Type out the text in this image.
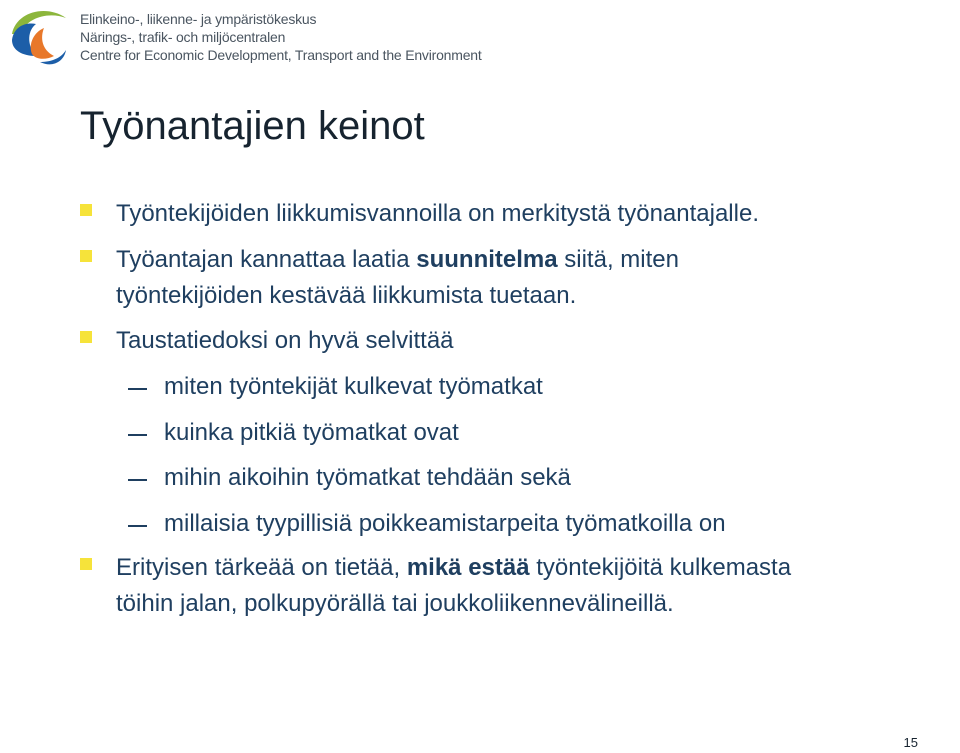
Elinkeino-, liikenne- ja ympäristökeskus
Närings-, trafik- och miljöcentralen
Centre for Economic Development, Transport and the Environment
Työnantajien keinot
Työntekijöiden liikkumisvannoilla on merkitystä työnantajalle.
Työantajan kannattaa laatia suunnitelma siitä, miten
työntekijöiden kestävää liikkumista tuetaan.
Taustatiedoksi on hyvä selvittää
miten työntekijät kulkevat työmatkat
kuinka pitkiä työmatkat ovat
mihin aikoihin työmatkat tehdään sekä
millaisia tyypillisiä poikkeamistarpeita työmatkoilla on
Erityisen tärkeää on tietää, mikä estää työntekijöitä kulkemasta
töihin jalan, polkupyörällä tai joukkoliikennevälineillä.
15
